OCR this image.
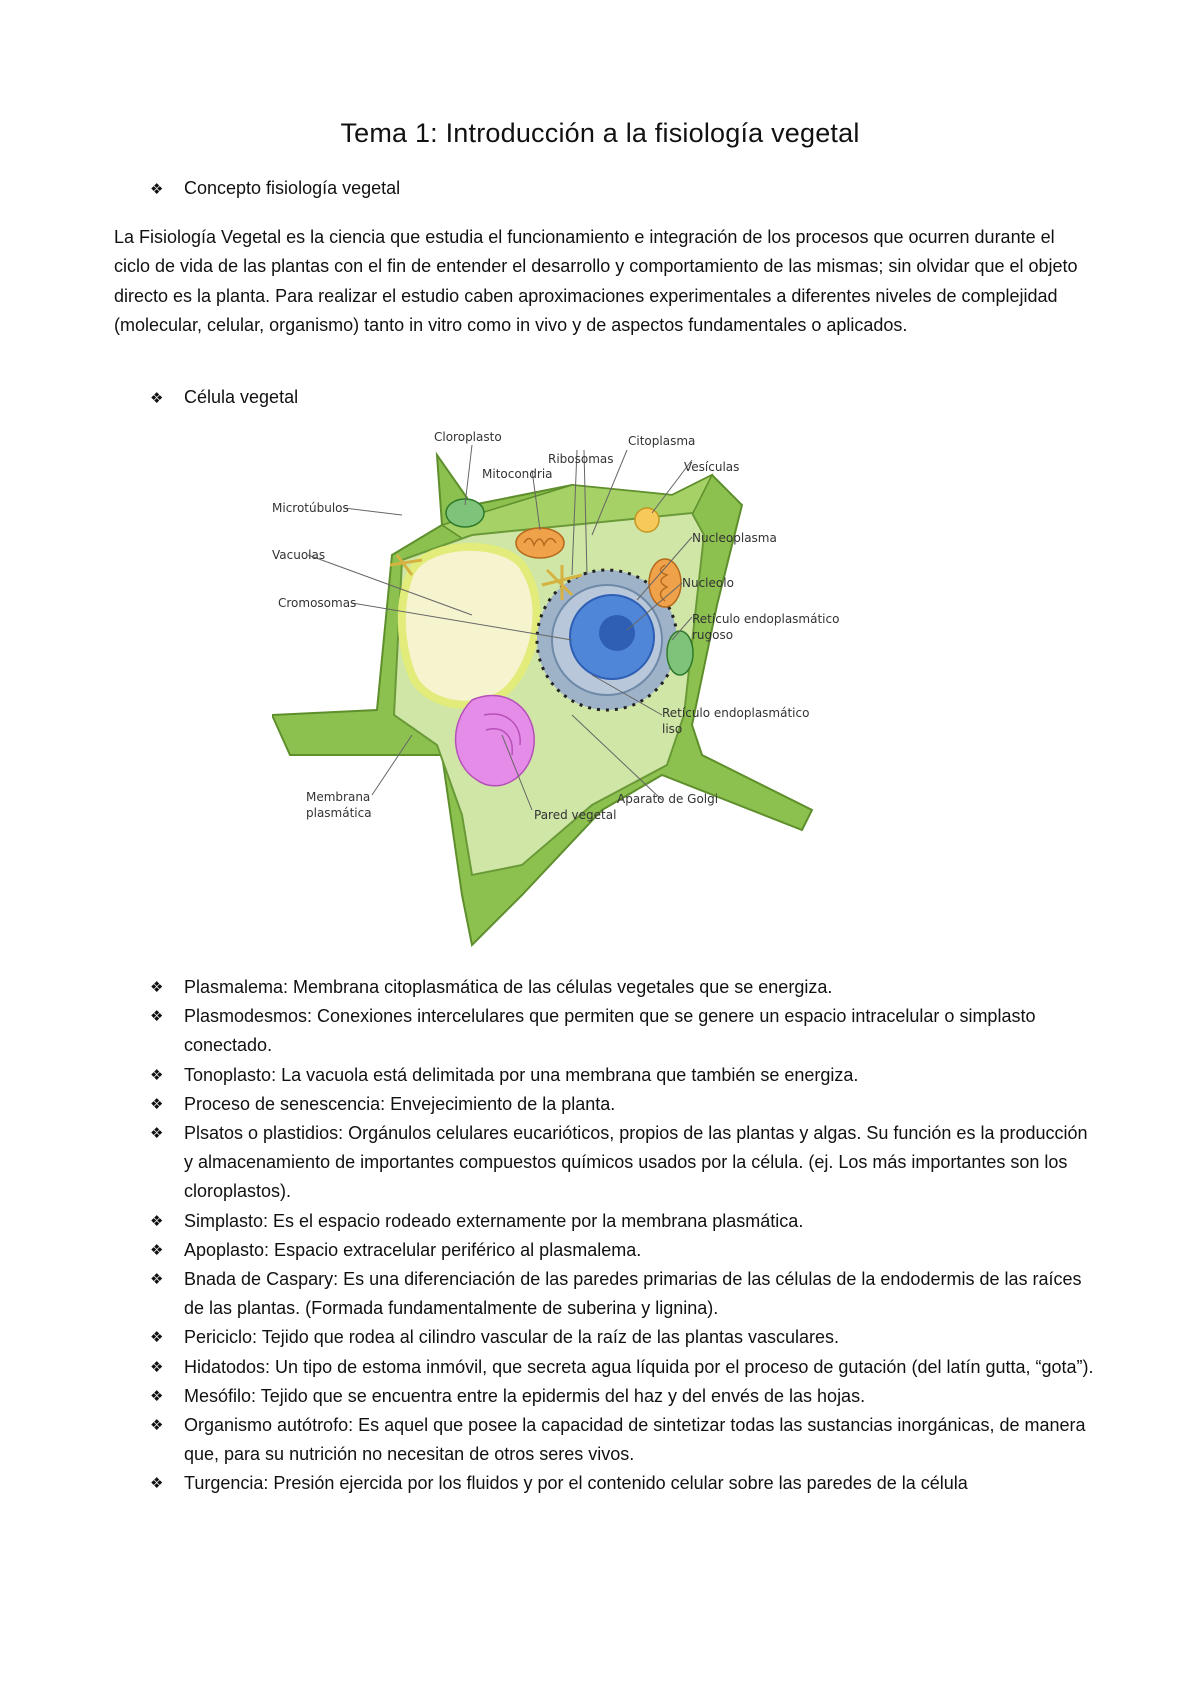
Tema 1: Introducción a la fisiología vegetal
❖ Concepto fisiología vegetal
La Fisiología Vegetal es la ciencia que estudia el funcionamiento e integración de los procesos que ocurren durante el ciclo de vida de las plantas con el fin de entender el desarrollo y comportamiento de las mismas; sin olvidar que el objeto directo es la planta. Para realizar el estudio caben aproximaciones experimentales a diferentes niveles de complejidad (molecular, celular, organismo) tanto in vitro como in vivo y de aspectos fundamentales o aplicados.
❖ Célula vegetal
Cloroplasto	Citoplasma
Ribosomas
Vesículas
Mitocondria
Microtúbulos
Vacuolas
Cromosomas
Nucleoplasma
Nucleolo
Retículo endoplasmático
rugoso
Retículo endoplasmático
liso
Membrana
plasmática
Aparato de Golgi
Pared vegetal
❖	Plasmalema: Membrana citoplasmática de las células vegetales que se energiza.
❖	Plasmodesmos: Conexiones intercelulares que permiten que se genere un espacio intracelular o simplasto conectado.
❖	Tonoplasto: La vacuola está delimitada por una membrana que también se energiza.
❖	Proceso de senescencia: Envejecimiento de la planta.
❖	Plsatos o plastidios: Orgánulos celulares eucarióticos, propios de las plantas y algas. Su función es la producción y almacenamiento de importantes compuestos químicos usados por la célula. (ej. Los más importantes son los cloroplastos).
❖	Simplasto: Es el espacio rodeado externamente por la membrana plasmática.
❖	Apoplasto: Espacio extracelular periférico al plasmalema.
❖	Bnada de Caspary: Es una diferenciación de las paredes primarias de las células de la endodermis de las raíces de las plantas. (Formada fundamentalmente de suberina y lignina).
❖	Periciclo: Tejido que rodea al cilindro vascular de la raíz de las plantas vasculares.
❖	Hidatodos: Un tipo de estoma inmóvil, que secreta agua líquida por el proceso de gutación (del latín gutta, “gota”).
❖	Mesófilo: Tejido que se encuentra entre la epidermis del haz y del envés de las hojas.
❖	Organismo autótrofo: Es aquel que posee la capacidad de sintetizar todas las sustancias inorgánicas, de manera que, para su nutrición no necesitan de otros seres vivos.
❖	Turgencia: Presión ejercida por los fluidos y por el contenido celular sobre las paredes de la célula
